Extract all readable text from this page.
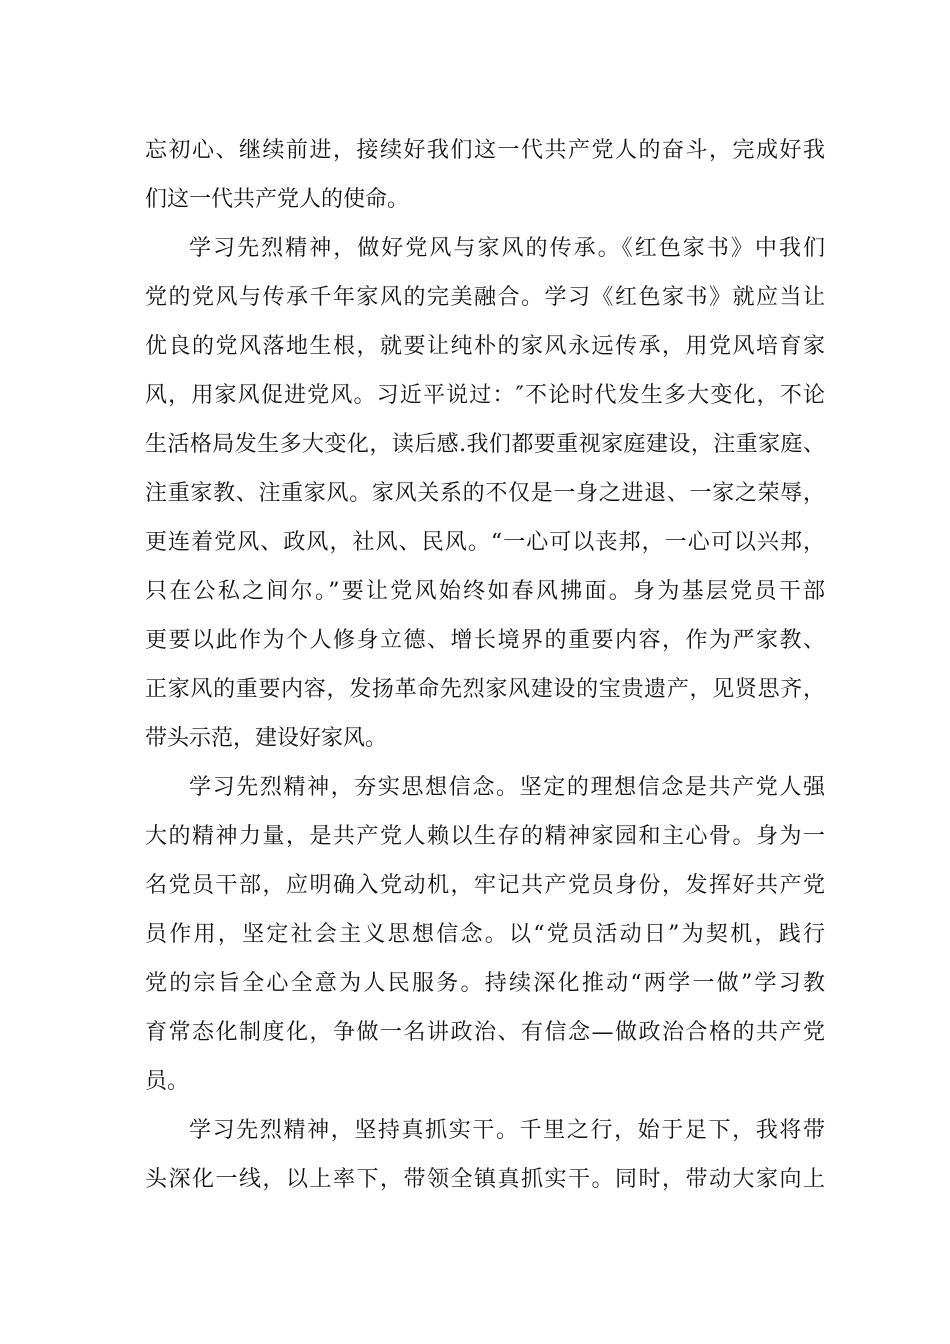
忘初心、继续前进，接续好我们这一代共产党人的奋斗，完成好我
们这一代共产党人的使命。
学习先烈精神，做好党风与家风的传承。《红色家书》中我们
党的党风与传承千年家风的完美融合。学习《红色家书》就应当让
优良的党风落地生根，就要让纯朴的家风永远传承，用党风培育家
风，用家风促进党风。习近平说过：″不论时代发生多大变化，不论
生活格局发生多大变化，读后感.我们都要重视家庭建设，注重家庭、
注重家教、注重家风。家风关系的不仅是一身之进退、一家之荣辱，
更连着党风、政风，社风、民风。“一心可以丧邦，一心可以兴邦，
只在公私之间尔。”要让党风始终如春风拂面。身为基层党员干部
更要以此作为个人修身立德、增长境界的重要内容，作为严家教、
正家风的重要内容，发扬革命先烈家风建设的宝贵遗产，见贤思齐，
带头示范，建设好家风。
学习先烈精神，夯实思想信念。坚定的理想信念是共产党人强
大的精神力量，是共产党人赖以生存的精神家园和主心骨。身为一
名党员干部，应明确入党动机，牢记共产党员身份，发挥好共产党
员作用，坚定社会主义思想信念。以“党员活动日”为契机，践行
党的宗旨全心全意为人民服务。持续深化推动“两学一做”学习教
育常态化制度化，争做一名讲政治、有信念—做政治合格的共产党
员。
学习先烈精神，坚持真抓实干。千里之行，始于足下，我将带
头深化一线，以上率下，带领全镇真抓实干。同时，带动大家向上
